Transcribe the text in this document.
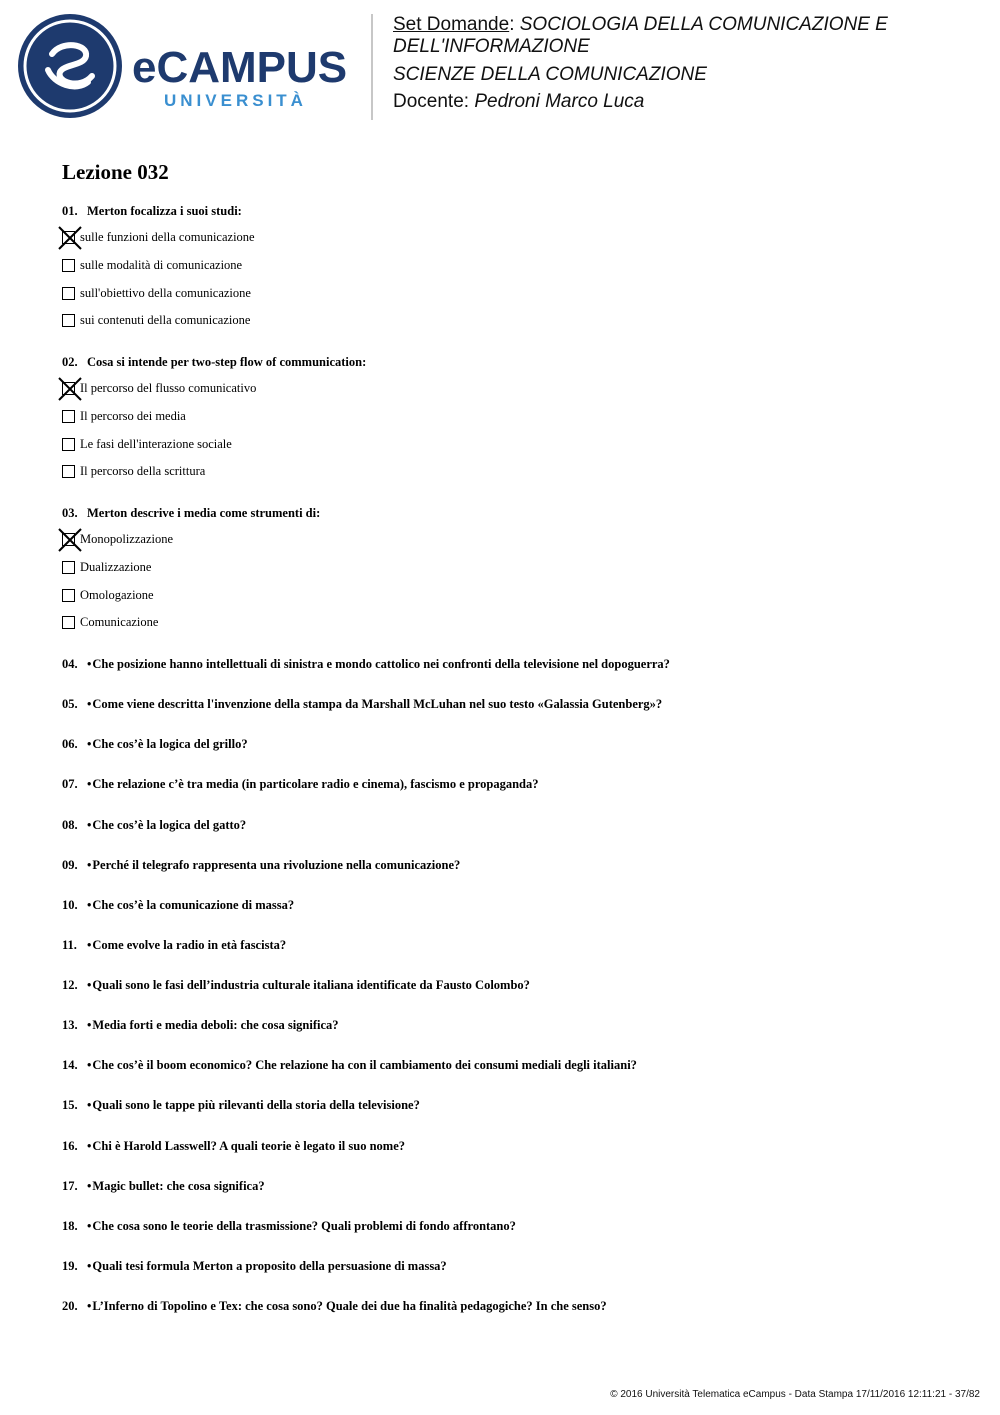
eCAMPUS
UNIVERSITÀ
Set Domande: SOCIOLOGIA DELLA COMUNICAZIONE E
DELL'INFORMAZIONE
SCIENZE DELLA COMUNICAZIONE
Docente: Pedroni Marco Luca
Lezione 032
01. Merton focalizza i suoi studi:
sulle funzioni della comunicazione
sulle modalità di comunicazione
sull'obiettivo della comunicazione
sui contenuti della comunicazione
02. Cosa si intende per two-step flow of communication:
Il percorso del flusso comunicativo
Il percorso dei media
Le fasi dell'interazione sociale
Il percorso della scrittura
03. Merton descrive i media come strumenti di:
Monopolizzazione
Dualizzazione
Omologazione
Comunicazione
04. •Che posizione hanno intellettuali di sinistra e mondo cattolico nei confronti della televisione nel dopoguerra?
05. •Come viene descritta l'invenzione della stampa da Marshall McLuhan nel suo testo «Galassia Gutenberg»?
06. •Che cos’è la logica del grillo?
07. •Che relazione c’è tra media (in particolare radio e cinema), fascismo e propaganda?
08. •Che cos’è la logica del gatto?
09. •Perché il telegrafo rappresenta una rivoluzione nella comunicazione?
10. •Che cos’è la comunicazione di massa?
11. •Come evolve la radio in età fascista?
12. •Quali sono le fasi dell’industria culturale italiana identificate da Fausto Colombo?
13. •Media forti e media deboli: che cosa significa?
14. •Che cos’è il boom economico? Che relazione ha con il cambiamento dei consumi mediali degli italiani?
15. •Quali sono le tappe più rilevanti della storia della televisione?
16. •Chi è Harold Lasswell? A quali teorie è legato il suo nome?
17. •Magic bullet: che cosa significa?
18. •Che cosa sono le teorie della trasmissione? Quali problemi di fondo affrontano?
19. •Quali tesi formula Merton a proposito della persuasione di massa?
20. •L’Inferno di Topolino e Tex: che cosa sono? Quale dei due ha finalità pedagogiche? In che senso?
© 2016 Università Telematica eCampus - Data Stampa 17/11/2016 12:11:21 - 37/82
